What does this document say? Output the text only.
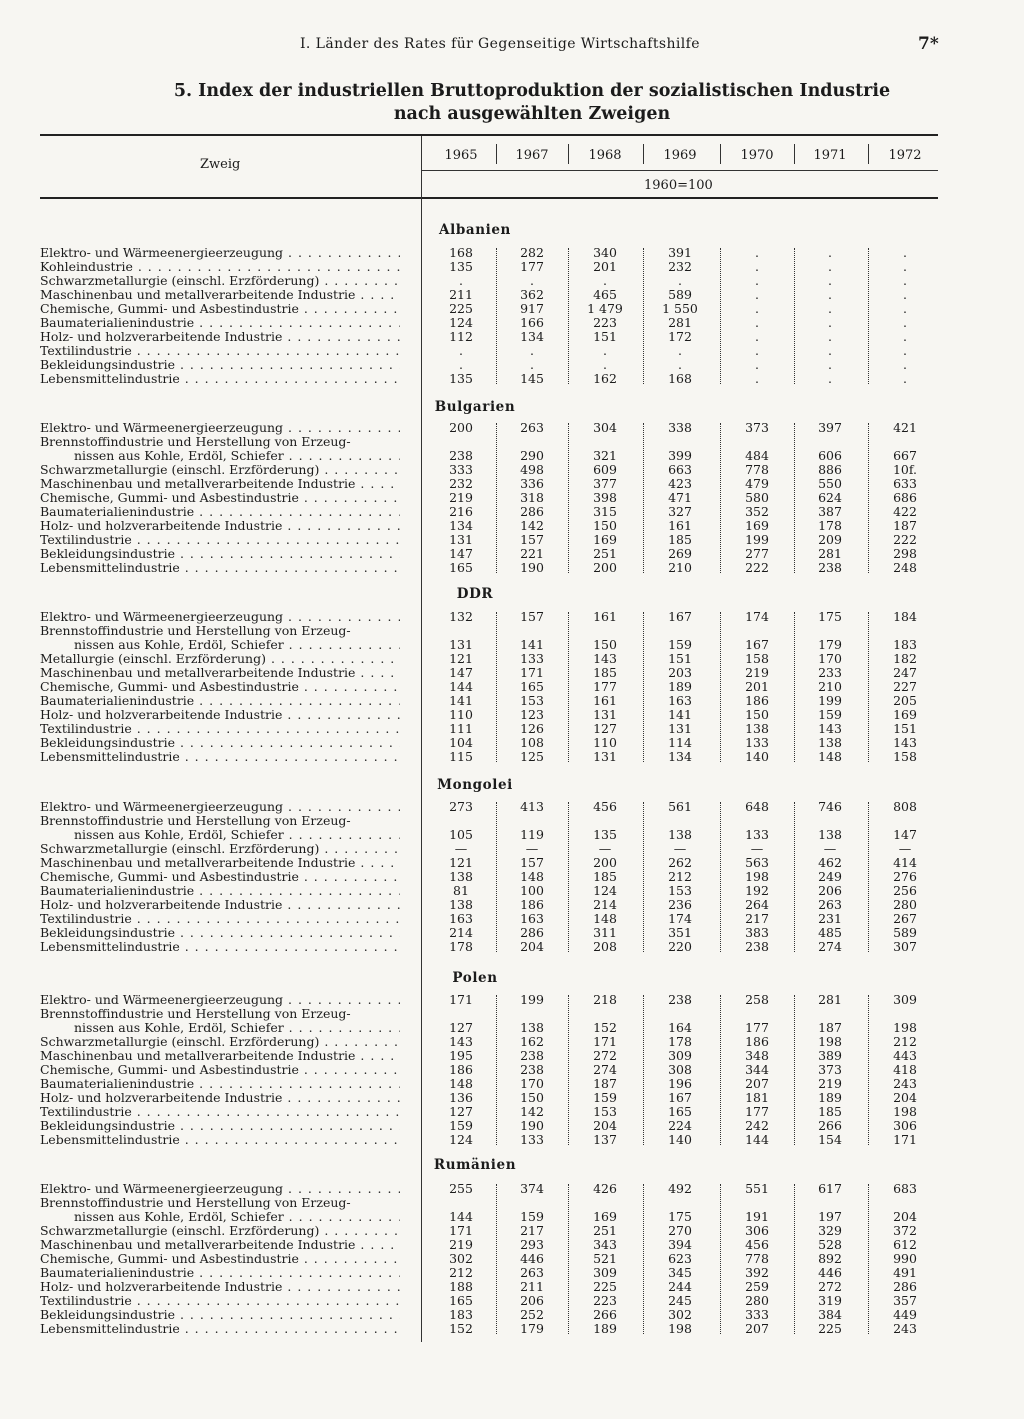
I. Länder des Rates für Gegenseitige Wirtschaftshilfe	7*
5. Index der industriellen Bruttoproduktion der sozialistischen Industrie
nach ausgewählten Zweigen
Zweig
1965	1967	1968	1969	1970	1971	1972
1960=100
Albanien
Elektro- und Wärmeenergieerzeugung . . .	168	282	340	391	.	.	.
Kohleindustrie . . .	135	177	201	232	.	.	.
Schwarzmetallurgie (einschl. Erzförderung) . . .	.	.	.	.	.	.	.
Maschinenbau und metallverarbeitende Industrie . . .	211	362	465	589	.	.	.
Chemische, Gummi- und Asbestindustrie . . .	225	917	1 479	1 550	.	.	.
Baumaterialienindustrie . . .	124	166	223	281	.	.	.
Holz- und holzverarbeitende Industrie . . .	112	134	151	172	.	.	.
Textilindustrie . . .	.	.	.	.	.	.	.
Bekleidungsindustrie . . .	.	.	.	.	.	.	.
Lebensmittelindustrie . . .	135	145	162	168	.	.	.
Bulgarien
Elektro- und Wärmeenergieerzeugung . . .	200	263	304	338	373	397	421
Brennstoffindustrie und Herstellung von Erzeug-
nissen aus Kohle, Erdöl, Schiefer . . .	238	290	321	399	484	606	667
Schwarzmetallurgie (einschl. Erzförderung) . . .	333	498	609	663	778	886	10f.
Maschinenbau und metallverarbeitende Industrie . . .	232	336	377	423	479	550	633
Chemische, Gummi- und Asbestindustrie . . .	219	318	398	471	580	624	686
Baumaterialienindustrie . . .	216	286	315	327	352	387	422
Holz- und holzverarbeitende Industrie . . .	134	142	150	161	169	178	187
Textilindustrie . . .	131	157	169	185	199	209	222
Bekleidungsindustrie . . .	147	221	251	269	277	281	298
Lebensmittelindustrie . . .	165	190	200	210	222	238	248
DDR
Elektro- und Wärmeenergieerzeugung . . .	132	157	161	167	174	175	184
Brennstoffindustrie und Herstellung von Erzeug-
nissen aus Kohle, Erdöl, Schiefer . . .	131	141	150	159	167	179	183
Metallurgie (einschl. Erzförderung) . . .	121	133	143	151	158	170	182
Maschinenbau und metallverarbeitende Industrie . . .	147	171	185	203	219	233	247
Chemische, Gummi- und Asbestindustrie . . .	144	165	177	189	201	210	227
Baumaterialienindustrie . . .	141	153	161	163	186	199	205
Holz- und holzverarbeitende Industrie . . .	110	123	131	141	150	159	169
Textilindustrie . . .	111	126	127	131	138	143	151
Bekleidungsindustrie . . .	104	108	110	114	133	138	143
Lebensmittelindustrie . . .	115	125	131	134	140	148	158
Mongolei
Elektro- und Wärmeenergieerzeugung . . .	273	413	456	561	648	746	808
Brennstoffindustrie und Herstellung von Erzeug-
nissen aus Kohle, Erdöl, Schiefer . . .	105	119	135	138	133	138	147
Schwarzmetallurgie (einschl. Erzförderung) . . .	—	—	—	—	—	—	—
Maschinenbau und metallverarbeitende Industrie . . .	121	157	200	262	563	462	414
Chemische, Gummi- und Asbestindustrie . . .	138	148	185	212	198	249	276
Baumaterialienindustrie . . .	81	100	124	153	192	206	256
Holz- und holzverarbeitende Industrie . . .	138	186	214	236	264	263	280
Textilindustrie . . .	163	163	148	174	217	231	267
Bekleidungsindustrie . . .	214	286	311	351	383	485	589
Lebensmittelindustrie . . .	178	204	208	220	238	274	307
Polen
Elektro- und Wärmeenergieerzeugung . . .	171	199	218	238	258	281	309
Brennstoffindustrie und Herstellung von Erzeug-
nissen aus Kohle, Erdöl, Schiefer . . .	127	138	152	164	177	187	198
Schwarzmetallurgie (einschl. Erzförderung) . . .	143	162	171	178	186	198	212
Maschinenbau und metallverarbeitende Industrie . . .	195	238	272	309	348	389	443
Chemische, Gummi- und Asbestindustrie . . .	186	238	274	308	344	373	418
Baumaterialienindustrie . . .	148	170	187	196	207	219	243
Holz- und holzverarbeitende Industrie . . .	136	150	159	167	181	189	204
Textilindustrie . . .	127	142	153	165	177	185	198
Bekleidungsindustrie . . .	159	190	204	224	242	266	306
Lebensmittelindustrie . . .	124	133	137	140	144	154	171
Rumänien
Elektro- und Wärmeenergieerzeugung . . .	255	374	426	492	551	617	683
Brennstoffindustrie und Herstellung von Erzeug-
nissen aus Kohle, Erdöl, Schiefer . . .	144	159	169	175	191	197	204
Schwarzmetallurgie (einschl. Erzförderung) . . .	171	217	251	270	306	329	372
Maschinenbau und metallverarbeitende Industrie . . .	219	293	343	394	456	528	612
Chemische, Gummi- und Asbestindustrie . . .	302	446	521	623	778	892	990
Baumaterialienindustrie . . .	212	263	309	345	392	446	491
Holz- und holzverarbeitende Industrie . . .	188	211	225	244	259	272	286
Textilindustrie . . .	165	206	223	245	280	319	357
Bekleidungsindustrie . . .	183	252	266	302	333	384	449
Lebensmittelindustrie . . .	152	179	189	198	207	225	243
